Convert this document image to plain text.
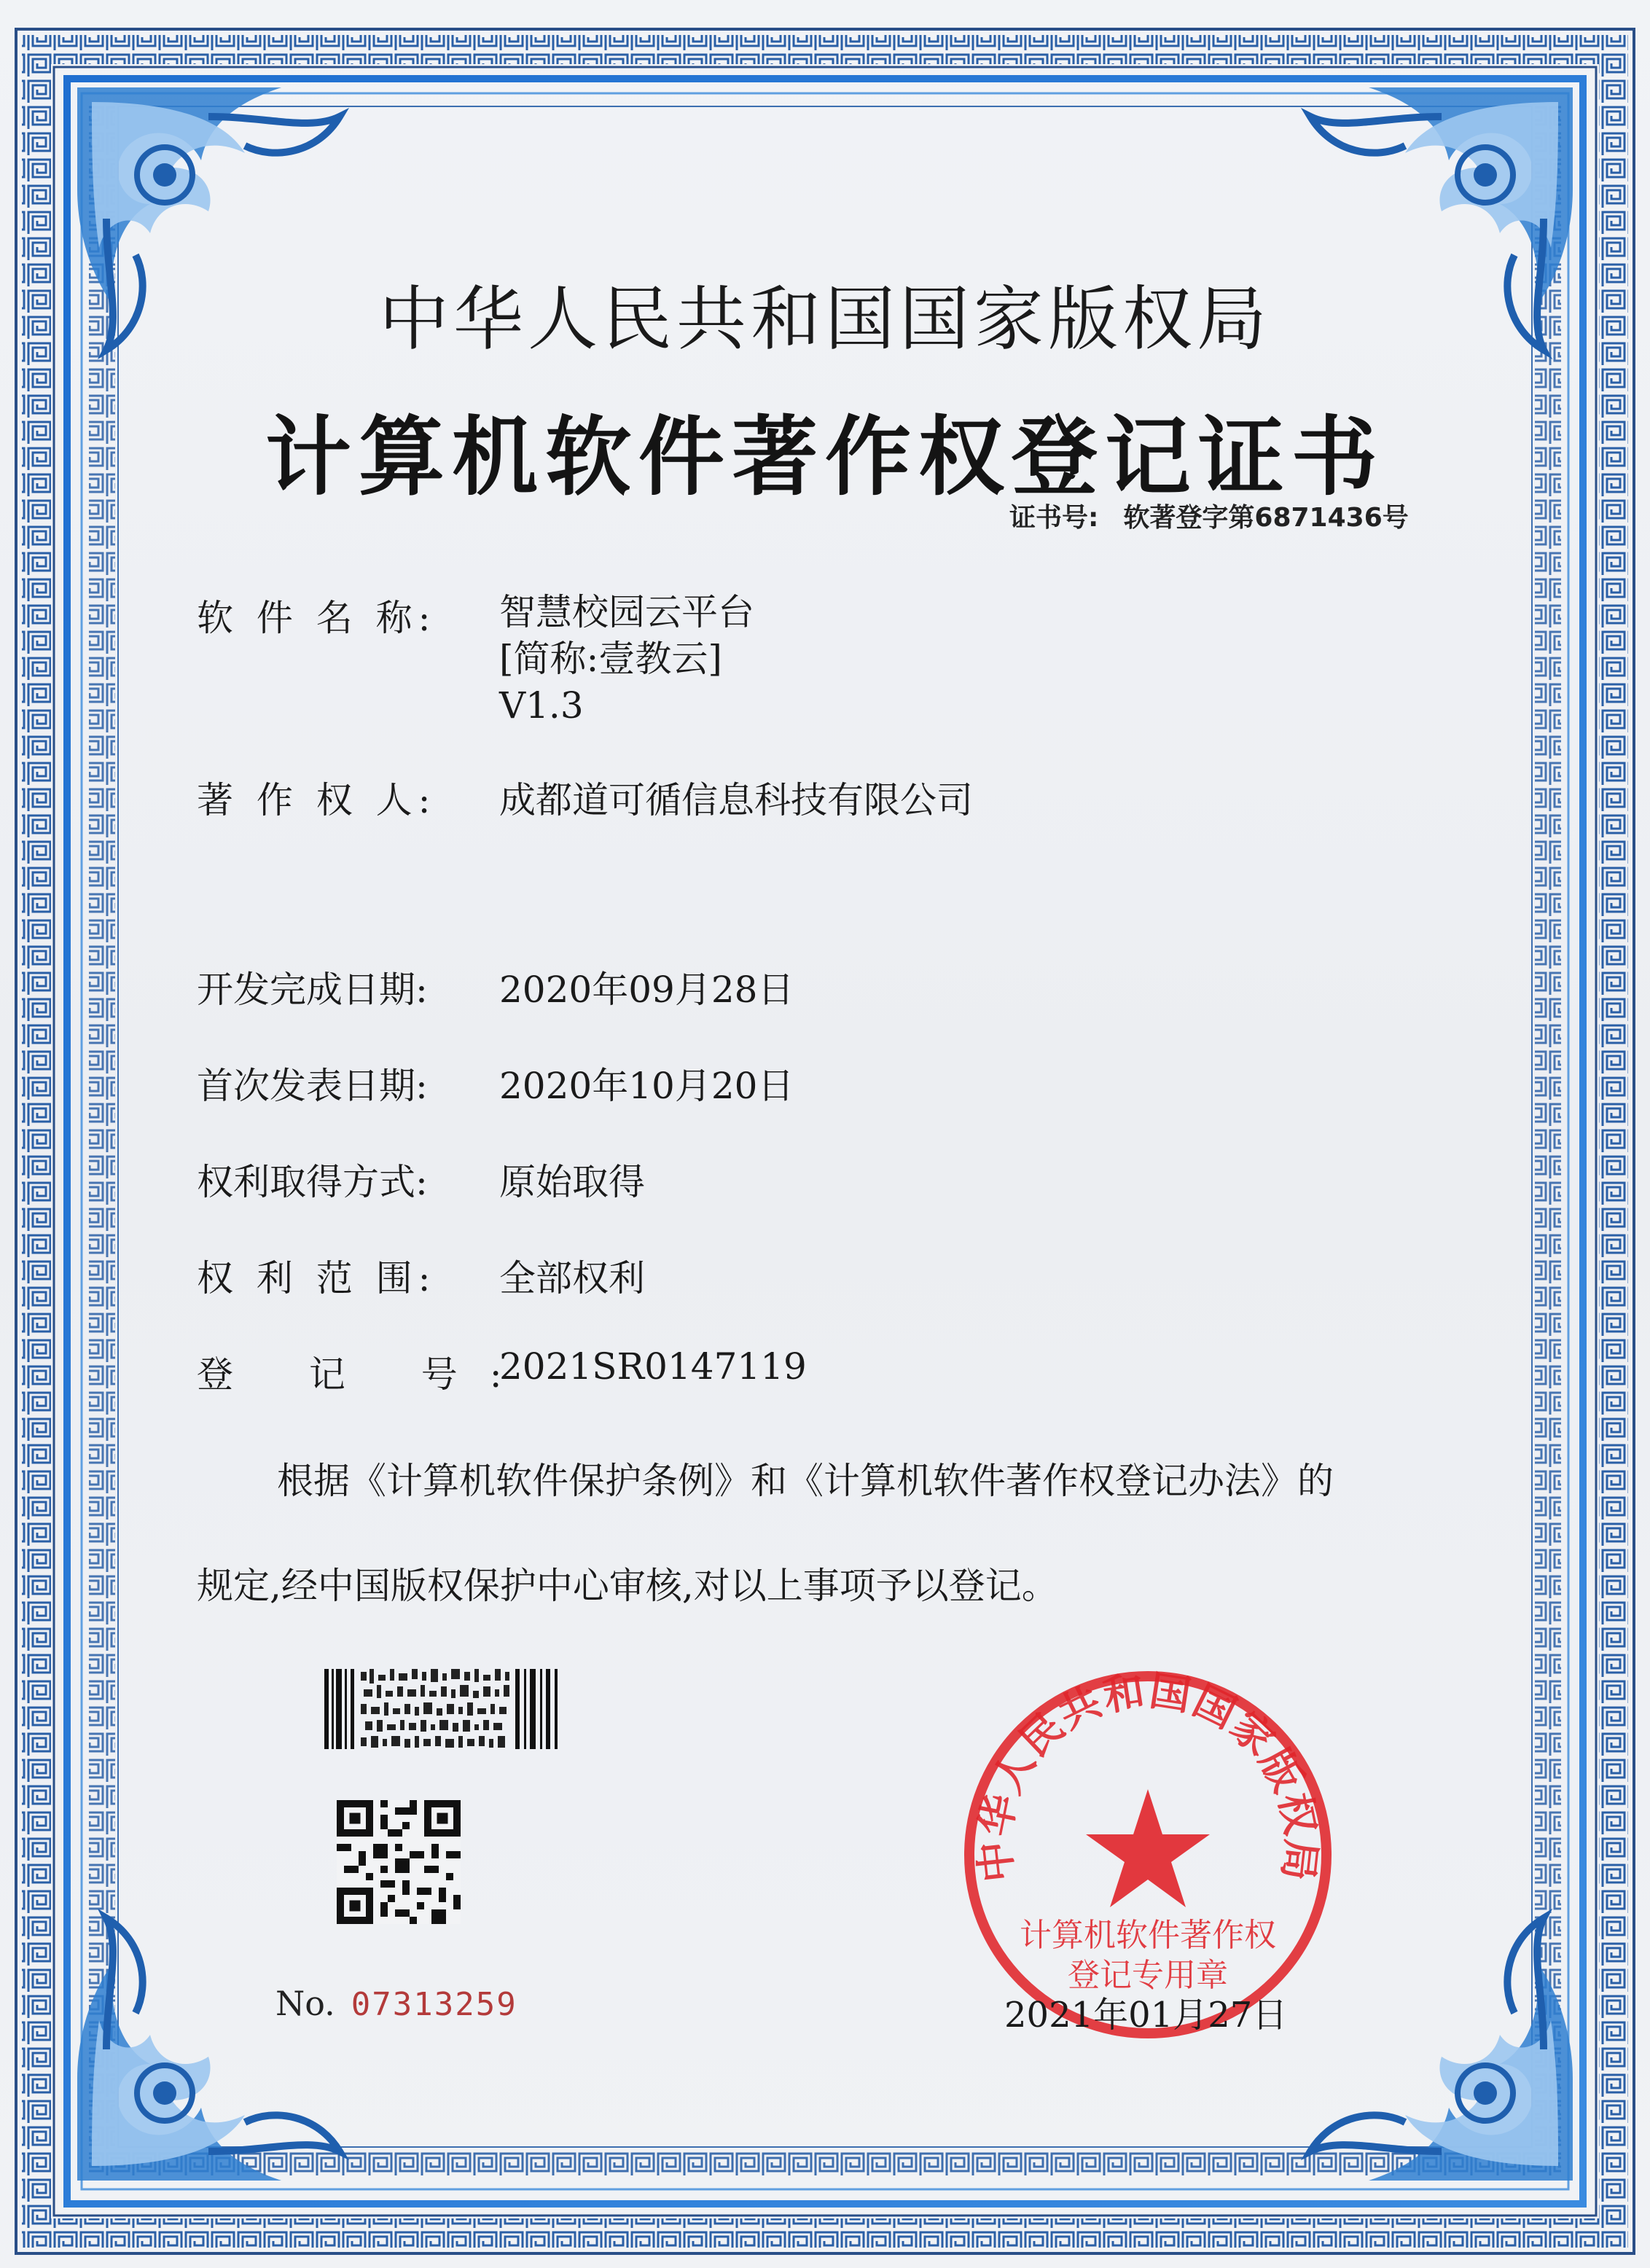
中华人民共和国国家版权局
计算机软件著作权登记证书
证书号: 软著登字第6871436号
软 件 名 称: 智慧校园云平台
[简称:壹教云]
V1.3
著 作 权 人: 成都道可循信息科技有限公司
开发完成日期: 2020年09月28日
首次发表日期: 2020年10月20日
权利取得方式: 原始取得
权 利 范 围: 全部权利
登 记 号:
2021SR0147119

根据《计算机软件保护条例》和《计算机软件著作权登记办法》的

规定,经中国版权保护中心审核,对以上事项予以登记。

No. 07313259
中华人民共和国国家版权局
计算机软件著作权
登记专用章
2021年01月27日
